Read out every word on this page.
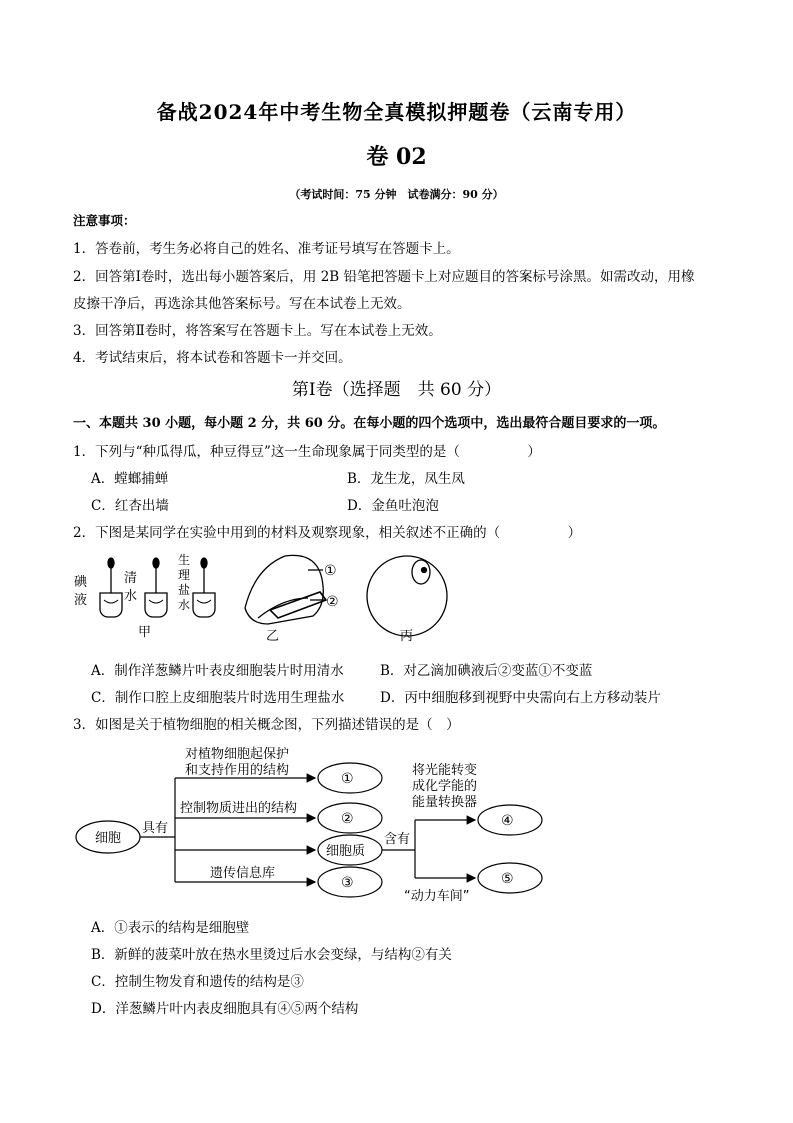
备战2024年中考生物全真模拟押题卷（云南专用）
卷 02
（考试时间：75 分钟　试卷满分：90 分）
注意事项：
1．答卷前，考生务必将自己的姓名、准考证号填写在答题卡上。
2．回答第Ⅰ卷时，选出每小题答案后，用 2B 铅笔把答题卡上对应题目的答案标号涂黑。如需改动，用橡
皮擦干净后，再选涂其他答案标号。写在本试卷上无效。
3．回答第Ⅱ卷时，将答案写在答题卡上。写在本试卷上无效。
4．考试结束后，将本试卷和答题卡一并交回。
第Ⅰ卷（选择题　共 60 分）
一、本题共 30 小题，每小题 2 分，共 60 分。在每小题的四个选项中，选出最符合题目要求的一项。
1．下列与“种瓜得瓜，种豆得豆”这一生命现象属于同类型的是（　　　　　）
A．螳螂捕蝉	B．龙生龙，凤生凤
C．红杏出墙	D．金鱼吐泡泡
2．下图是某同学在实验中用到的材料及观察现象，相关叙述不正确的（　　　　　）
碘
液
清
水
生
理
盐
水
甲	乙	丙
①
②
A．制作洋葱鳞片叶表皮细胞装片时用清水	B．对乙滴加碘液后②变蓝①不变蓝
C．制作口腔上皮细胞装片时选用生理盐水	D．丙中细胞移到视野中央需向右上方移动装片
3．如图是关于植物细胞的相关概念图，下列描述错误的是（　）
细胞
具有
对植物细胞起保护
和支持作用的结构
控制物质进出的结构
遗传信息库
①
②
细胞质
③
含有
将光能转变
成化学能的
能量转换器
④
⑤
“动力车间”
A．①表示的结构是细胞壁
B．新鲜的菠菜叶放在热水里烫过后水会变绿，与结构②有关
C．控制生物发育和遗传的结构是③
D．洋葱鳞片叶内表皮细胞具有④⑤两个结构
